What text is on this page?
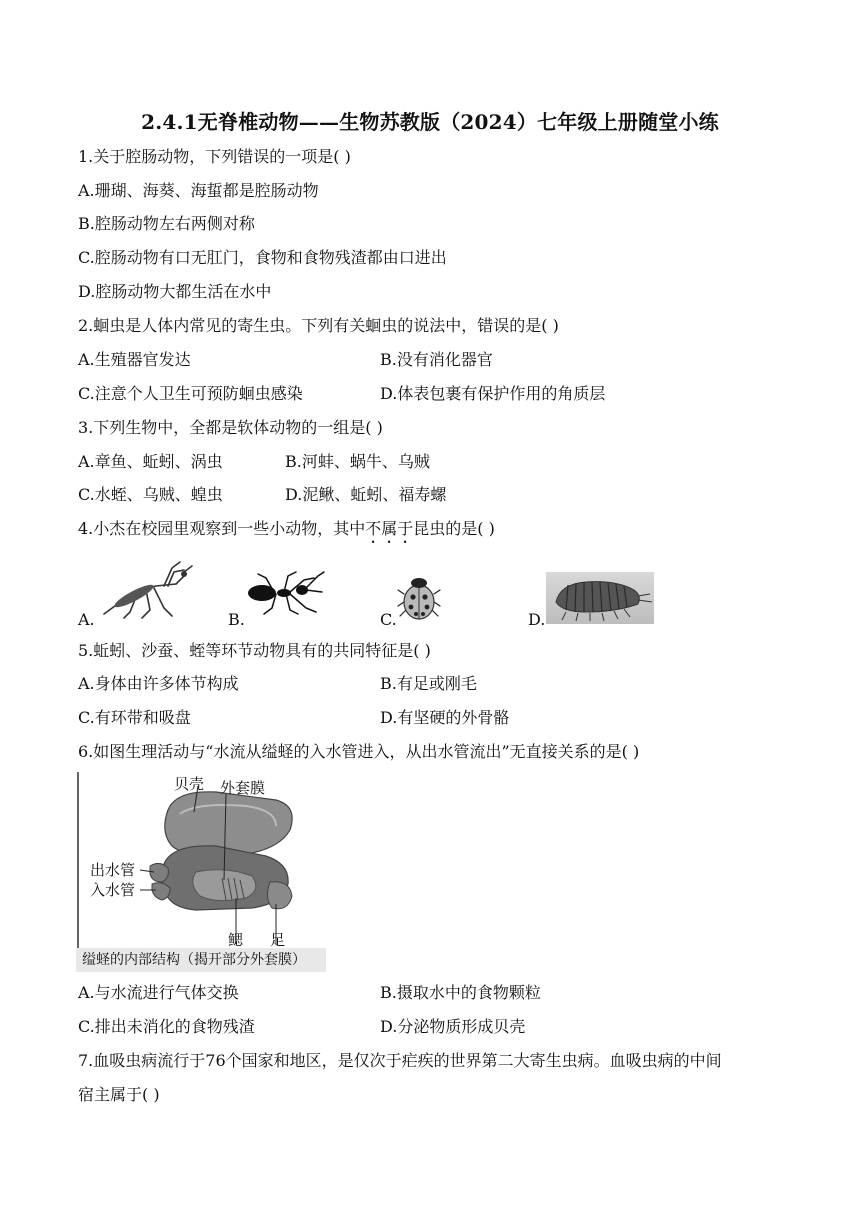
2.4.1无脊椎动物——生物苏教版（2024）七年级上册随堂小练
1.关于腔肠动物，下列错误的一项是( )
A.珊瑚、海葵、海蜇都是腔肠动物
B.腔肠动物左右两侧对称
C.腔肠动物有口无肛门，食物和食物残渣都由口进出
D.腔肠动物大都生活在水中
2.蛔虫是人体内常见的寄生虫。下列有关蛔虫的说法中，错误的是( )
A.生殖器官发达	B.没有消化器官
C.注意个人卫生可预防蛔虫感染	D.体表包裹有保护作用的角质层
3.下列生物中，全都是软体动物的一组是( )
A.章鱼、蚯蚓、涡虫	B.河蚌、蜗牛、乌贼
C.水蛭、乌贼、蝗虫	D.泥鳅、蚯蚓、福寿螺
4.小杰在校园里观察到一些小动物，其中不属于昆虫的是( )
A.	B.	C.	D.
5.蚯蚓、沙蚕、蛭等环节动物具有的共同特征是( )
A.身体由许多体节构成	B.有足或刚毛
C.有环带和吸盘	D.有坚硬的外骨骼
6.如图生理活动与“水流从缢蛏的入水管进入，从出水管流出”无直接关系的是( )
贝壳 外套膜
出水管
入水管
鳃 足
缢蛏的内部结构（揭开部分外套膜）
A.与水流进行气体交换	B.摄取水中的食物颗粒
C.排出未消化的食物残渣	D.分泌物质形成贝壳
7.血吸虫病流行于76个国家和地区，是仅次于疟疾的世界第二大寄生虫病。血吸虫病的中间
宿主属于( )
